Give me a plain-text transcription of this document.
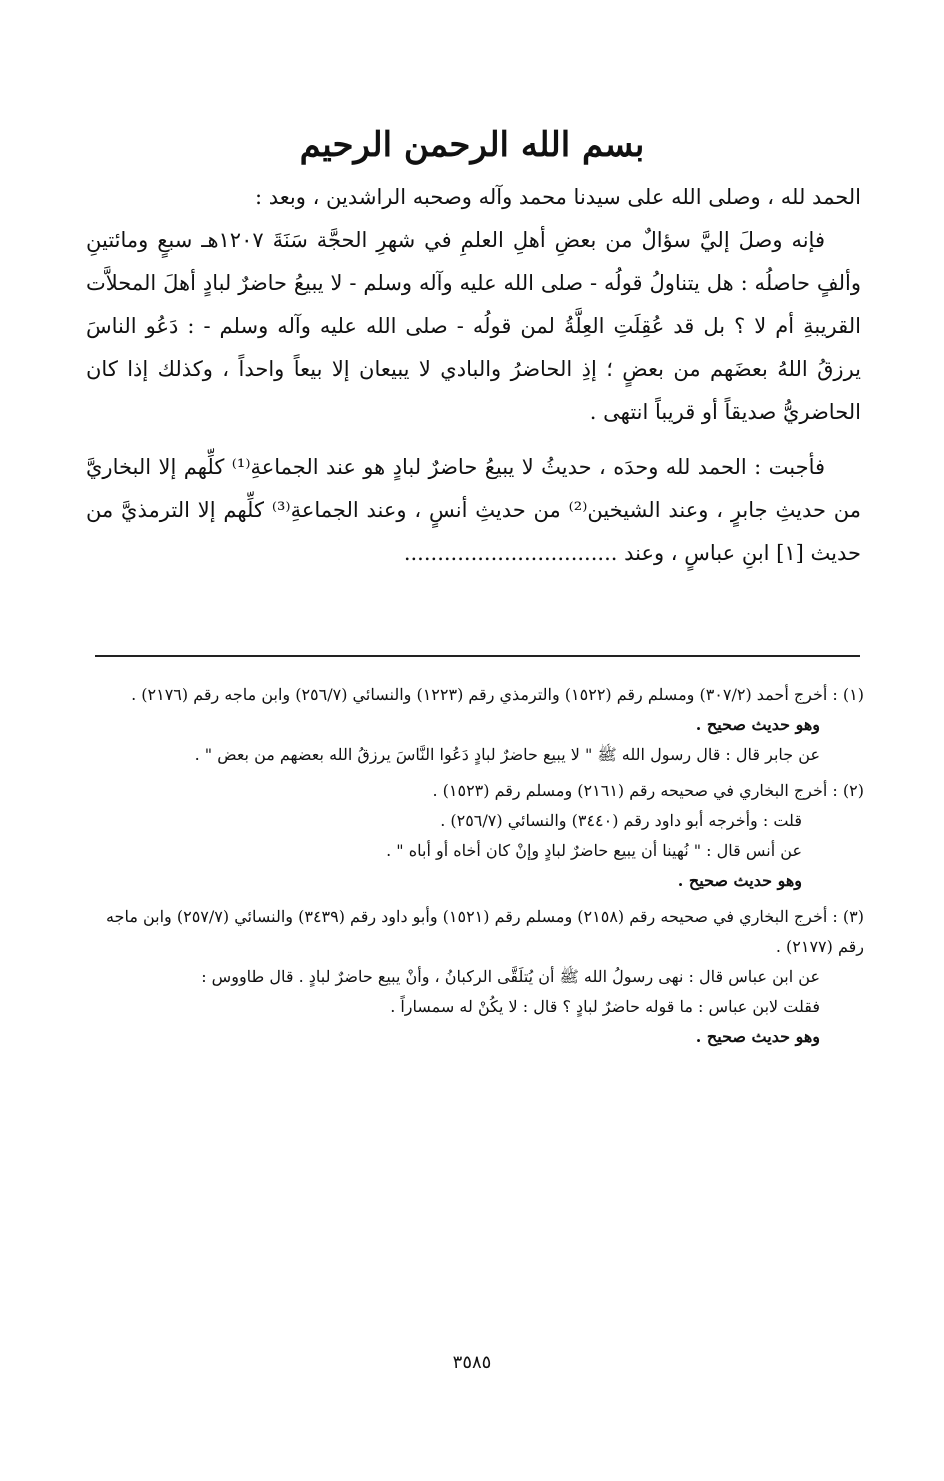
بسم الله الرحمن الرحيم

الحمد لله ، وصلى الله على سيدنا محمد وآله وصحبه الراشدين ، وبعد :

فإنه وصلَ إليَّ سؤالٌ من بعضِ أهلِ العلمِ في شهرِ الحجَّة سَنَةَ ١٢٠٧هـ سبعٍ ومائتينِ وألفٍ حاصلُه : هل يتناولُ قولُه - صلى الله عليه وآله وسلم - لا يبيعُ حاضرٌ لبادٍ أهلَ المحلاَّت القريبةِ أم لا ؟ بل قد عُقِلَتِ العِلَّةُ لمن قولُه - صلى الله عليه وآله وسلم - : دَعُو الناسَ يرزقُ اللهُ بعضَهم من بعضٍ ؛ إذِ الحاضرُ والبادي لا يبيعان إلا بيعاً واحداً ، وكذلك إذا كان الحاضريُّ صديقاً أو قريباً انتهى .

فأجبت : الحمد لله وحدَه ، حديثُ لا يبيعُ حاضرٌ لبادٍ هو عند الجماعةِ⁽¹⁾ كلِّهم إلا البخاريَّ من حديثِ جابرٍ ، وعند الشيخين⁽²⁾ من حديثِ أنسٍ ، وعند الجماعةِ⁽³⁾ كلِّهم إلا الترمذيَّ من حديث [١] ابنِ عباسٍ ، وعند ................................

(١) : أخرج أحمد (٣٠٧/٢) ومسلم رقم (١٥٢٢) والترمذي رقم (١٢٢٣) والنسائي (٢٥٦/٧) وابن ماجه رقم (٢١٧٦) .

وهو حديث صحيح .

عن جابر قال : قال رسول الله ﷺ " لا يبيع حاضرٌ لبادٍ دَعُوا النَّاسَ يرزقُ الله بعضهم من بعض " .

(٢) : أخرج البخاري في صحيحه رقم (٢١٦١) ومسلم رقم (١٥٢٣) .

قلت : وأخرجه أبو داود رقم (٣٤٤٠) والنسائي (٢٥٦/٧) .

عن أنس قال : " نُهينا أن يبيع حاضرٌ لبادٍ وإنْ كان أخاه أو أباه " .

وهو حديث صحيح .

(٣) : أخرج البخاري في صحيحه رقم (٢١٥٨) ومسلم رقم (١٥٢١) وأبو داود رقم (٣٤٣٩) والنسائي (٢٥٧/٧) وابن ماجه رقم (٢١٧٧) .

عن ابن عباس قال : نهى رسولُ الله ﷺ أن يُتلَقَّى الركبانُ ، وأنْ يبيع حاضرٌ لبادٍ . قال طاووس :

فقلت لابن عباس : ما قوله حاضرٌ لبادٍ ؟ قال : لا يكُنْ له سمساراً .

وهو حديث صحيح .

٣٥٨٥
